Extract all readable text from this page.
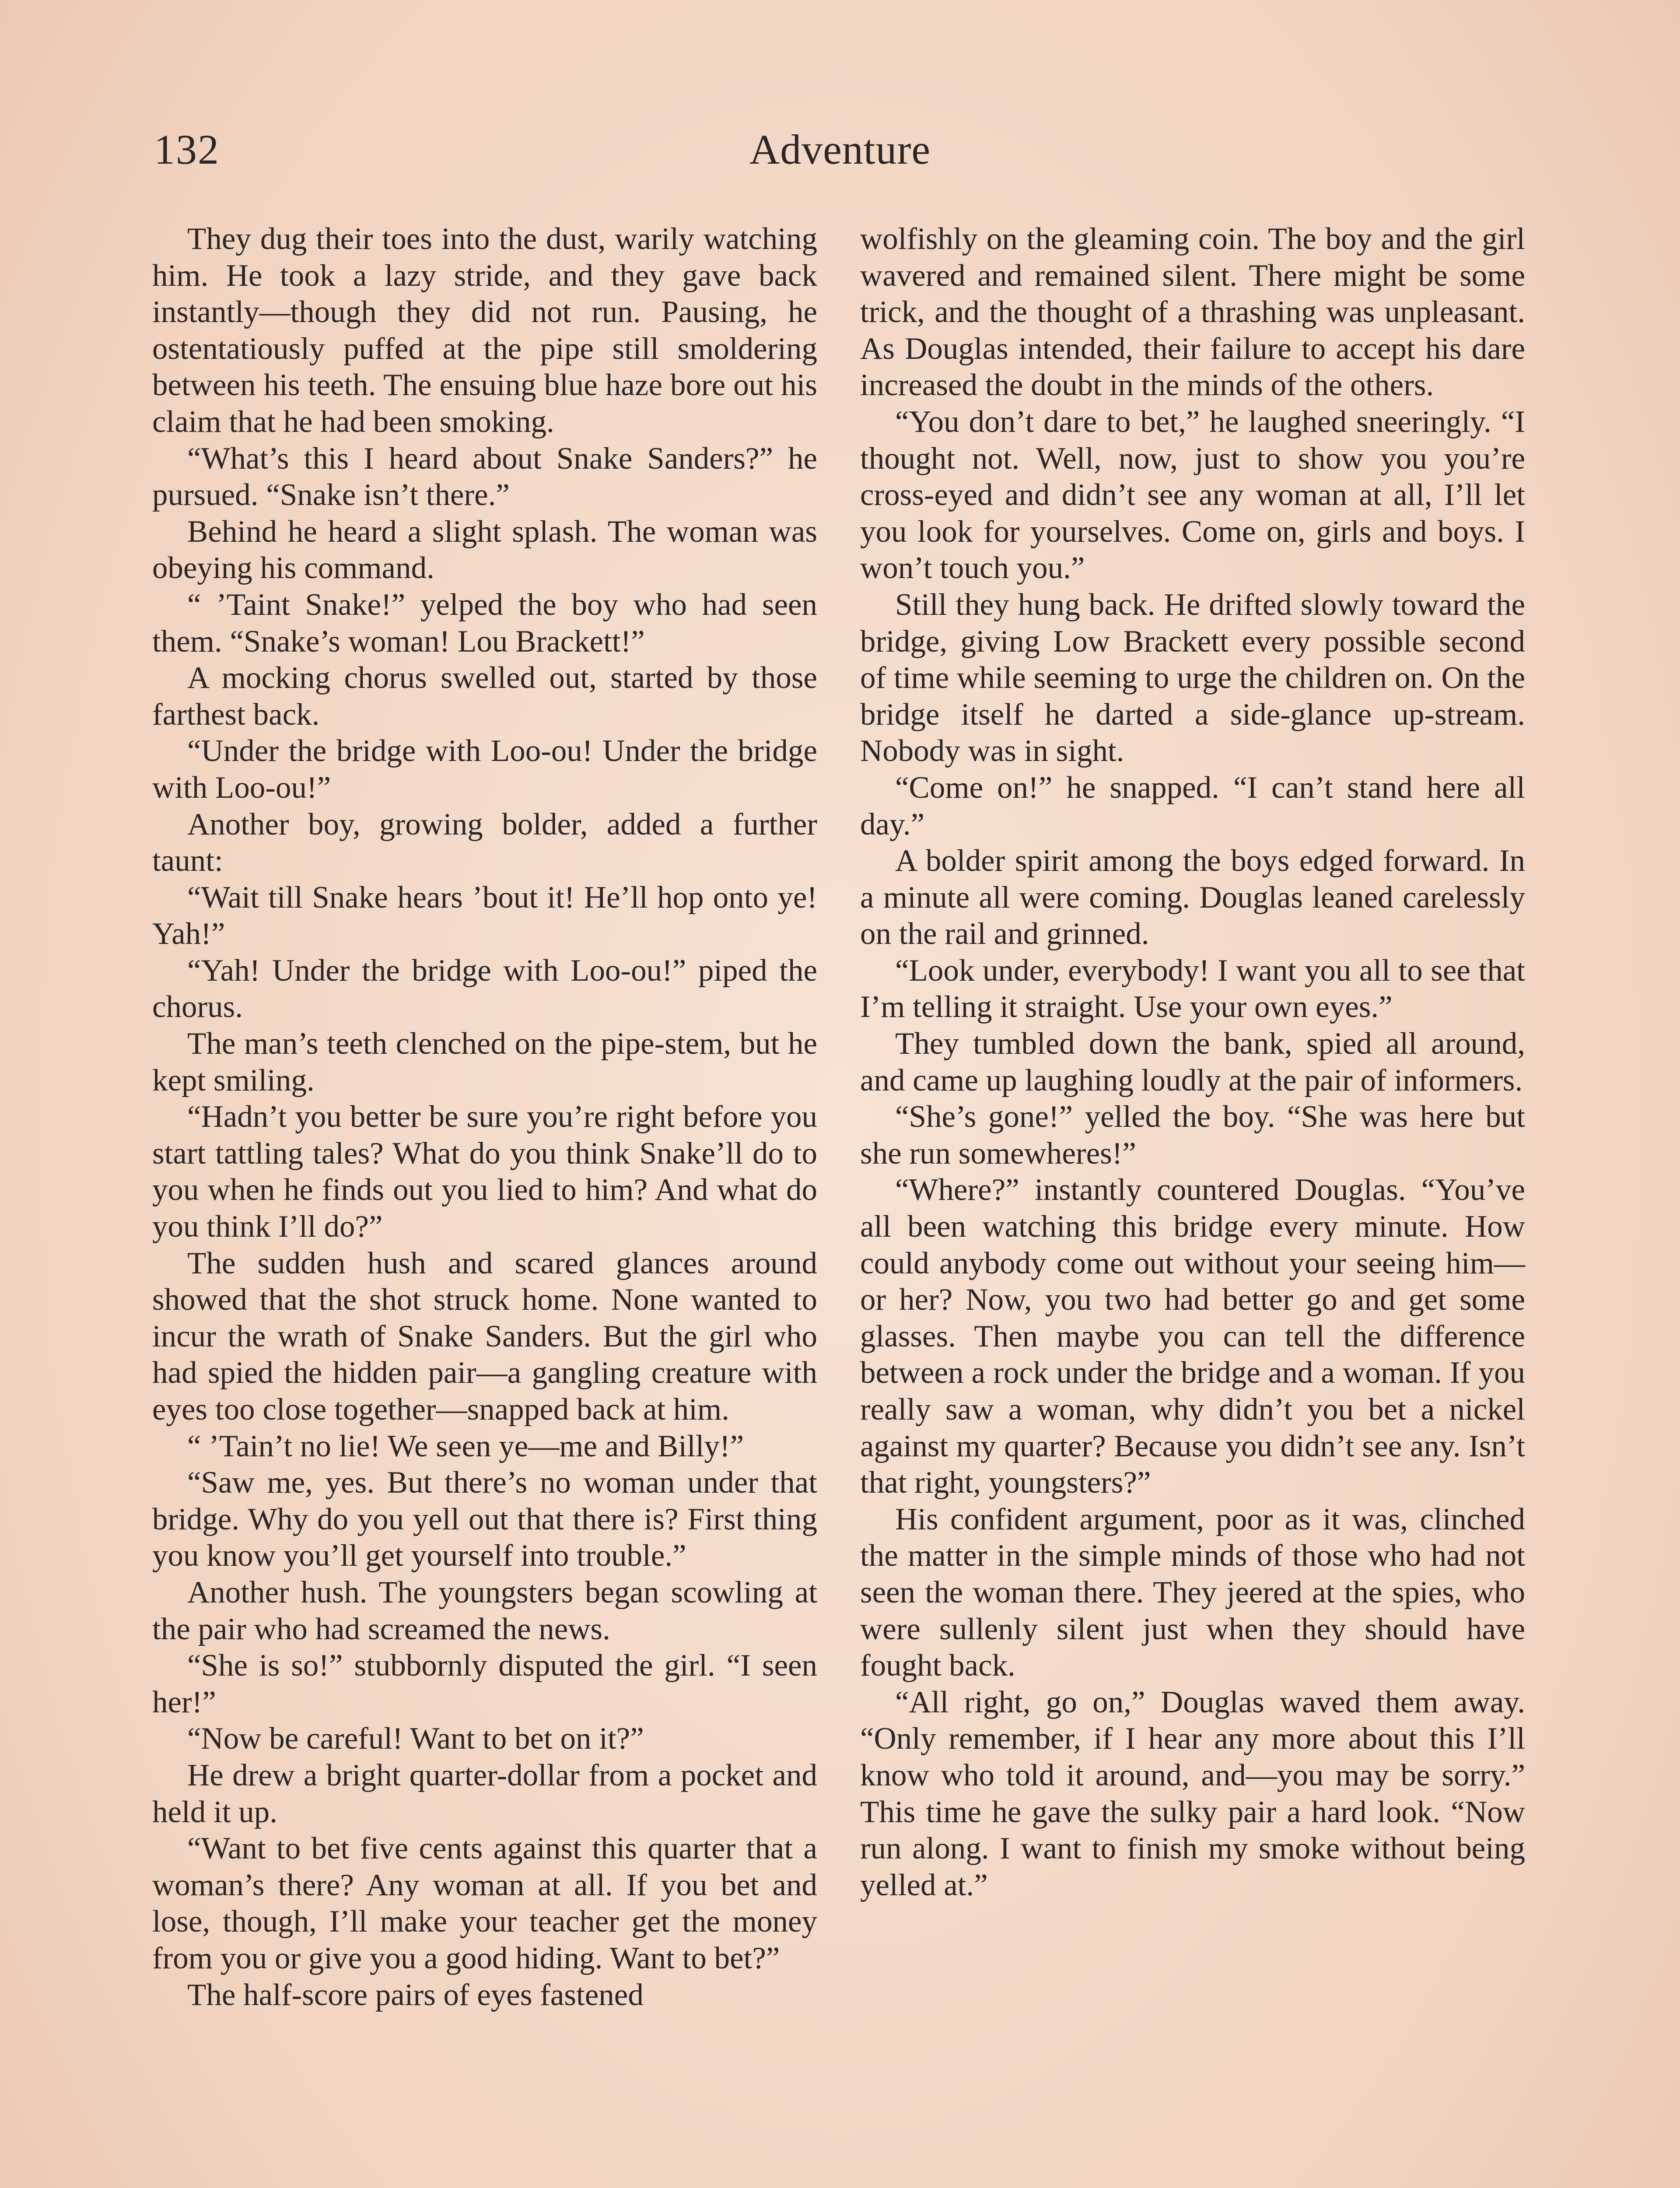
132	Adventure

They dug their toes into the dust, warily watching him. He took a lazy stride, and they gave back instantly—though they did not run. Pausing, he ostentatiously puffed at the pipe still smoldering between his teeth. The ensuing blue haze bore out his claim that he had been smoking.

“What’s this I heard about Snake Sanders?” he pursued. “Snake isn’t there.”

Behind he heard a slight splash. The woman was obeying his command.

“ ’Taint Snake!” yelped the boy who had seen them. “Snake’s woman! Lou Brackett!”

A mocking chorus swelled out, started by those farthest back.

“Under the bridge with Loo-ou! Under the bridge with Loo-ou!”

Another boy, growing bolder, added a further taunt:

“Wait till Snake hears ’bout it! He’ll hop onto ye! Yah!”

“Yah! Under the bridge with Loo-ou!” piped the chorus.

The man’s teeth clenched on the pipe-stem, but he kept smiling.

“Hadn’t you better be sure you’re right before you start tattling tales? What do you think Snake’ll do to you when he finds out you lied to him? And what do you think I’ll do?”

The sudden hush and scared glances around showed that the shot struck home. None wanted to incur the wrath of Snake Sanders. But the girl who had spied the hidden pair—a gangling creature with eyes too close together—snapped back at him.

“ ’Tain’t no lie! We seen ye—me and Billy!”

“Saw me, yes. But there’s no woman under that bridge. Why do you yell out that there is? First thing you know you’ll get yourself into trouble.”

Another hush. The youngsters began scowling at the pair who had screamed the news.

“She is so!” stubbornly disputed the girl. “I seen her!”

“Now be careful! Want to bet on it?”

He drew a bright quarter-dollar from a pocket and held it up.

“Want to bet five cents against this quarter that a woman’s there? Any woman at all. If you bet and lose, though, I’ll make your teacher get the money from you or give you a good hiding. Want to bet?”

The half-score pairs of eyes fastened

wolfishly on the gleaming coin. The boy and the girl wavered and remained silent. There might be some trick, and the thought of a thrashing was unpleasant. As Douglas intended, their failure to accept his dare increased the doubt in the minds of the others.

“You don’t dare to bet,” he laughed sneeringly. “I thought not. Well, now, just to show you you’re cross-eyed and didn’t see any woman at all, I’ll let you look for yourselves. Come on, girls and boys. I won’t touch you.”

Still they hung back. He drifted slowly toward the bridge, giving Low Brackett every possible second of time while seeming to urge the children on. On the bridge itself he darted a side-glance up-stream. Nobody was in sight.

“Come on!” he snapped. “I can’t stand here all day.”

A bolder spirit among the boys edged forward. In a minute all were coming. Douglas leaned carelessly on the rail and grinned.

“Look under, everybody! I want you all to see that I’m telling it straight. Use your own eyes.”

They tumbled down the bank, spied all around, and came up laughing loudly at the pair of informers.

“She’s gone!” yelled the boy. “She was here but she run somewheres!”

“Where?” instantly countered Douglas. “You’ve all been watching this bridge every minute. How could anybody come out without your seeing him—or her? Now, you two had better go and get some glasses. Then maybe you can tell the difference between a rock under the bridge and a woman. If you really saw a woman, why didn’t you bet a nickel against my quarter? Because you didn’t see any. Isn’t that right, youngsters?”

His confident argument, poor as it was, clinched the matter in the simple minds of those who had not seen the woman there. They jeered at the spies, who were sullenly silent just when they should have fought back.

“All right, go on,” Douglas waved them away. “Only remember, if I hear any more about this I’ll know who told it around, and—you may be sorry.” This time he gave the sulky pair a hard look. “Now run along. I want to finish my smoke without being yelled at.”
